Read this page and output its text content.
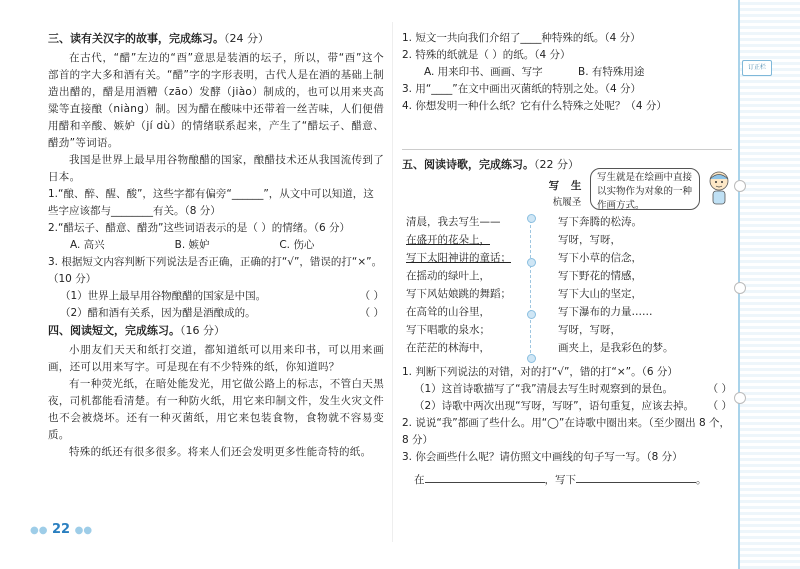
三、读有关汉字的故事，完成练习。（24 分）

在古代，“醋”左边的“酉”意思是装酒的坛子，所以，带“酉”这个部首的字大多和酒有关。“醋”字的字形表明，古代人是在酒的基础上制造出醋的，醋是用酒糟（zāo）发酵（jiào）制成的，也可以用来夹高粱等直接酿（niàng）制。因为醋在酸味中还带着一丝苦味，人们便借用醋和辛酸、嫉妒（jí dù）的情绪联系起来，产生了“醋坛子、醋意、醋劲”等词语。

我国是世界上最早用谷物酿醋的国家，酿醋技术还从我国流传到了日本。

1.“酿、醉、醒、酸”，这些字都有偏旁“______”，从文中可以知道，这些字应该都与________有关。（8 分）

2.“醋坛子、醋意、醋劲”这些词语表示的是（ ）的情绪。（6 分）

A. 高兴	B. 嫉妒	C. 伤心

3. 根据短文内容判断下列说法是否正确，正确的打“√”，错误的打“×”。（10 分）

（1）世界上最早用谷物酿醋的国家是中国。	（ ）

（2）醋和酒有关系，因为醋是酒酿成的。	（ ）

四、阅读短文，完成练习。（16 分）

小朋友们天天和纸打交道，都知道纸可以用来印书，可以用来画画，还可以用来写字。可是现在有不少特殊的纸，你知道吗？

有一种荧光纸，在暗处能发光，用它做公路上的标志，不管白天黑夜，司机都能看清楚。有一种防火纸，用它来印制文件，发生火灾文件也不会被烧坏。还有一种灭菌纸，用它来包装食物，食物就不容易变质。

特殊的纸还有很多很多。将来人们还会发明更多性能奇特的纸。

●● 22 ●●

1. 短文一共向我们介绍了____种特殊的纸。（4 分）

2. 特殊的纸就是（ ）的纸。（4 分）

A. 用来印书、画画、写字	B. 有特殊用途

3. 用“____”在文中画出灭菌纸的特别之处。（4 分）

4. 你想发明一种什么纸？它有什么特殊之处呢？（4 分）

五、阅读诗歌，完成练习。（22 分）
写 生
杭履圣
清晨，我去写生——
在盛开的花朵上，
写下太阳神讲的童话；
在摇动的绿叶上，
写下风姑娘跳的舞蹈；
在高耸的山谷里，
写下唱歌的泉水；
在茫茫的林海中，
写下奔腾的松涛。
写呀，写呀，
写下小草的信念，
写下野花的情感，
写下大山的坚定，
写下瀑布的力量……
写呀，写呀，
画夹上，是我彩色的梦。

1. 判断下列说法的对错，对的打“√”，错的打“×”。（6 分）

（1）这首诗歌描写了“我”清晨去写生时观察到的景色。	（ ）

（2）诗歌中两次出现“写呀，写呀”，语句重复，应该去掉。 （ ）

2. 说说“我”都画了些什么。用“◯”在诗歌中圈出来。（至少圈出 8 个，8 分）

3. 你会画些什么呢？请仿照文中画线的句子写一写。（8 分）

在	，写下	。

写生就是在绘画中直接以实物作为对象的一种作画方式。
订正栏
